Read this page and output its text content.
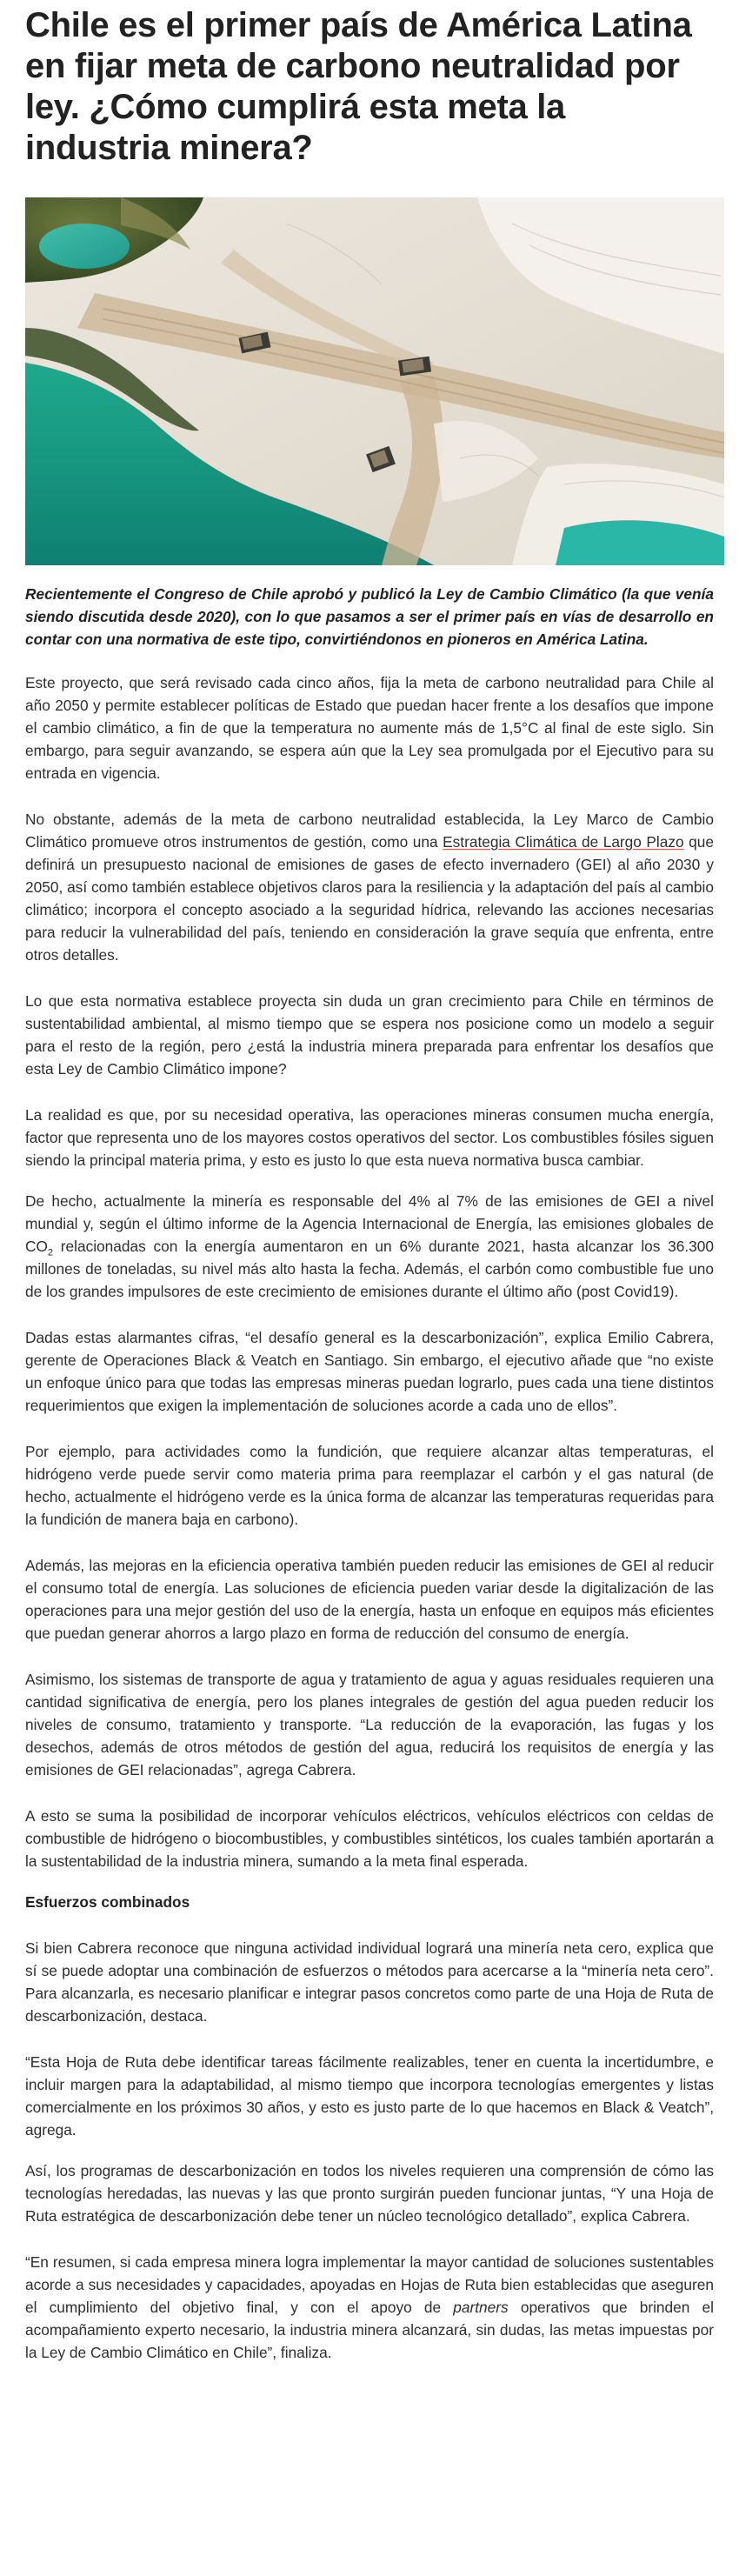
Chile es el primer país de América Latina en fijar meta de carbono neutralidad por ley. ¿Cómo cumplirá esta meta la industria minera?

Recientemente el Congreso de Chile aprobó y publicó la Ley de Cambio Climático (la que venía siendo discutida desde 2020), con lo que pasamos a ser el primer país en vías de desarrollo en contar con una normativa de este tipo, convirtiéndonos en pioneros en América Latina.

Este proyecto, que será revisado cada cinco años, fija la meta de carbono neutralidad para Chile al año 2050 y permite establecer políticas de Estado que puedan hacer frente a los desafíos que impone el cambio climático, a fin de que la temperatura no aumente más de 1,5°C al final de este siglo. Sin embargo, para seguir avanzando, se espera aún que la Ley sea promulgada por el Ejecutivo para su entrada en vigencia.

No obstante, además de la meta de carbono neutralidad establecida, la Ley Marco de Cambio Climático promueve otros instrumentos de gestión, como una Estrategia Climática de Largo Plazo que definirá un presupuesto nacional de emisiones de gases de efecto invernadero (GEI) al año 2030 y 2050, así como también establece objetivos claros para la resiliencia y la adaptación del país al cambio climático; incorpora el concepto asociado a la seguridad hídrica, relevando las acciones necesarias para reducir la vulnerabilidad del país, teniendo en consideración la grave sequía que enfrenta, entre otros detalles.

Lo que esta normativa establece proyecta sin duda un gran crecimiento para Chile en términos de sustentabilidad ambiental, al mismo tiempo que se espera nos posicione como un modelo a seguir para el resto de la región, pero ¿está la industria minera preparada para enfrentar los desafíos que esta Ley de Cambio Climático impone?

La realidad es que, por su necesidad operativa, las operaciones mineras consumen mucha energía, factor que representa uno de los mayores costos operativos del sector. Los combustibles fósiles siguen siendo la principal materia prima, y esto es justo lo que esta nueva normativa busca cambiar.

De hecho, actualmente la minería es responsable del 4% al 7% de las emisiones de GEI a nivel mundial y, según el último informe de la Agencia Internacional de Energía, las emisiones globales de $CO_2$ relacionadas con la energía aumentaron en un 6% durante 2021, hasta alcanzar los 36.300 millones de toneladas, su nivel más alto hasta la fecha. Además, el carbón como combustible fue uno de los grandes impulsores de este crecimiento de emisiones durante el último año (post Covid19).

Dadas estas alarmantes cifras, “el desafío general es la descarbonización”, explica Emilio Cabrera, gerente de Operaciones Black & Veatch en Santiago. Sin embargo, el ejecutivo añade que “no existe un enfoque único para que todas las empresas mineras puedan lograrlo, pues cada una tiene distintos requerimientos que exigen la implementación de soluciones acorde a cada uno de ellos”.

Por ejemplo, para actividades como la fundición, que requiere alcanzar altas temperaturas, el hidrógeno verde puede servir como materia prima para reemplazar el carbón y el gas natural (de hecho, actualmente el hidrógeno verde es la única forma de alcanzar las temperaturas requeridas para la fundición de manera baja en carbono).

Además, las mejoras en la eficiencia operativa también pueden reducir las emisiones de GEI al reducir el consumo total de energía. Las soluciones de eficiencia pueden variar desde la digitalización de las operaciones para una mejor gestión del uso de la energía, hasta un enfoque en equipos más eficientes que puedan generar ahorros a largo plazo en forma de reducción del consumo de energía.

Asimismo, los sistemas de transporte de agua y tratamiento de agua y aguas residuales requieren una cantidad significativa de energía, pero los planes integrales de gestión del agua pueden reducir los niveles de consumo, tratamiento y transporte. “La reducción de la evaporación, las fugas y los desechos, además de otros métodos de gestión del agua, reducirá los requisitos de energía y las emisiones de GEI relacionadas”, agrega Cabrera.

A esto se suma la posibilidad de incorporar vehículos eléctricos, vehículos eléctricos con celdas de combustible de hidrógeno o biocombustibles, y combustibles sintéticos, los cuales también aportarán a la sustentabilidad de la industria minera, sumando a la meta final esperada.

Esfuerzos combinados

Si bien Cabrera reconoce que ninguna actividad individual logrará una minería neta cero, explica que sí se puede adoptar una combinación de esfuerzos o métodos para acercarse a la “minería neta cero”. Para alcanzarla, es necesario planificar e integrar pasos concretos como parte de una Hoja de Ruta de descarbonización, destaca.

“Esta Hoja de Ruta debe identificar tareas fácilmente realizables, tener en cuenta la incertidumbre, e incluir margen para la adaptabilidad, al mismo tiempo que incorpora tecnologías emergentes y listas comercialmente en los próximos 30 años, y esto es justo parte de lo que hacemos en Black & Veatch”, agrega.

Así, los programas de descarbonización en todos los niveles requieren una comprensión de cómo las tecnologías heredadas, las nuevas y las que pronto surgirán pueden funcionar juntas, “Y una Hoja de Ruta estratégica de descarbonización debe tener un núcleo tecnológico detallado”, explica Cabrera.

“En resumen, si cada empresa minera logra implementar la mayor cantidad de soluciones sustentables acorde a sus necesidades y capacidades, apoyadas en Hojas de Ruta bien establecidas que aseguren el cumplimiento del objetivo final, y con el apoyo de partners operativos que brinden el acompañamiento experto necesario, la industria minera alcanzará, sin dudas, las metas impuestas por la Ley de Cambio Climático en Chile”, finaliza.
